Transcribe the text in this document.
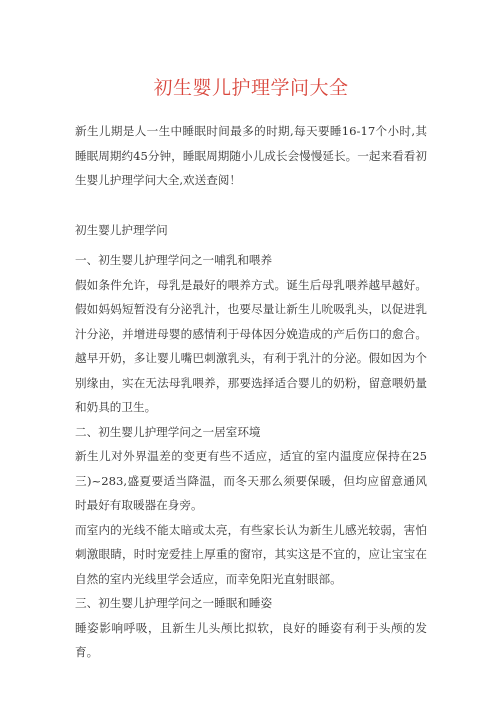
初生婴儿护理学问大全

新生儿期是人一生中睡眠时间最多的时期,每天要睡16-17个小时,其睡眠周期约45分钟，睡眠周期随小儿成长会慢慢延长。一起来看看初生婴儿护理学问大全,欢送查阅！

初生婴儿护理学问

一、初生婴儿护理学问之一哺乳和喂养

假如条件允许，母乳是最好的喂养方式。诞生后母乳喂养越早越好。假如妈妈短暂没有分泌乳汁，也要尽量让新生儿吮吸乳头，以促进乳汁分泌，并增进母婴的感情利于母体因分娩造成的产后伤口的愈合。越早开奶，多让婴儿嘴巴刺激乳头，有利于乳汁的分泌。假如因为个别缘由，实在无法母乳喂养，那要选择适合婴儿的奶粉，留意喂奶量和奶具的卫生。

二、初生婴儿护理学问之一居室环境

新生儿对外界温差的变更有些不适应，适宜的室内温度应保持在25三)~283,盛夏要适当降温，而冬天那么须要保暖，但均应留意通风时最好有取暖器在身旁。

而室内的光线不能太暗或太亮，有些家长认为新生儿感光较弱，害怕刺激眼睛，时时宠爱挂上厚重的窗帘，其实这是不宜的，应让宝宝在自然的室内光线里学会适应，而幸免阳光直射眼部。

三、初生婴儿护理学问之一睡眠和睡姿

睡姿影响呼吸，且新生儿头颅比拟软，良好的睡姿有利于头颅的发育。
